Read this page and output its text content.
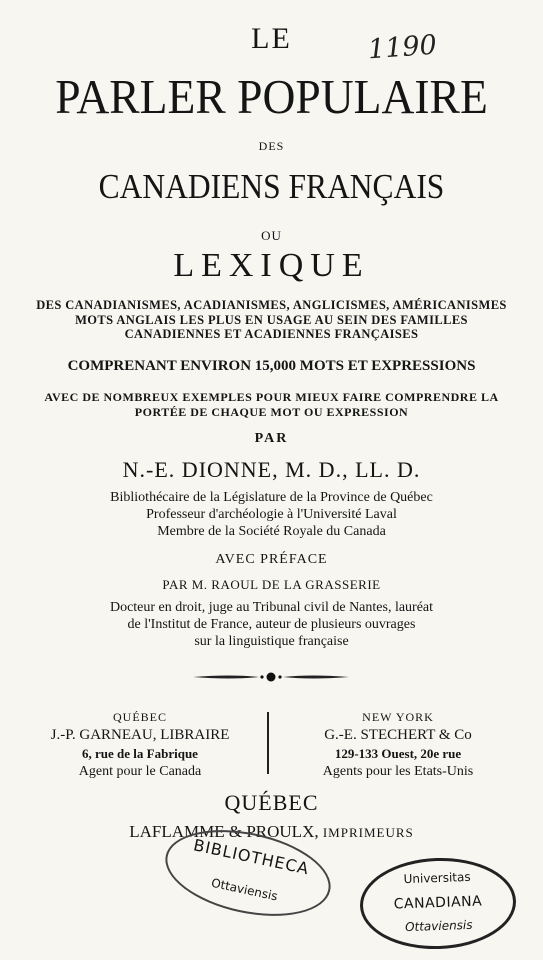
LE	1190
PARLER POPULAIRE
DES
CANADIENS FRANÇAIS
OU
LEXIQUE
DES CANADIANISMES, ACADIANISMES, ANGLICISMES, AMÉRICANISMES
MOTS ANGLAIS LES PLUS EN USAGE AU SEIN DES FAMILLES
CANADIENNES ET ACADIENNES FRANÇAISES
COMPRENANT ENVIRON 15,000 MOTS ET EXPRESSIONS
AVEC DE NOMBREUX EXEMPLES POUR MIEUX FAIRE COMPRENDRE LA
PORTÉE DE CHAQUE MOT OU EXPRESSION
PAR
N.-E. DIONNE, M. D., LL. D.
Bibliothécaire de la Législature de la Province de Québec
Professeur d'archéologie à l'Université Laval
Membre de la Société Royale du Canada
AVEC PRÉFACE
PAR M. RAOUL DE LA GRASSERIE
Docteur en droit, juge au Tribunal civil de Nantes, lauréat
de l'Institut de France, auteur de plusieurs ouvrages
sur la linguistique française
QUÉBEC
J.-P. GARNEAU, LIBRAIRE
6, rue de la Fabrique
Agent pour le Canada
NEW YORK
G.-E. STECHERT & Co
129-133 Ouest, 20e rue
Agents pour les Etats-Unis
QUÉBEC
LAFLAMME & PROULX, IMPRIMEURS
BIBLIOTHECA
Ottaviensis	Universitas
CANADIANA
Ottaviensis
